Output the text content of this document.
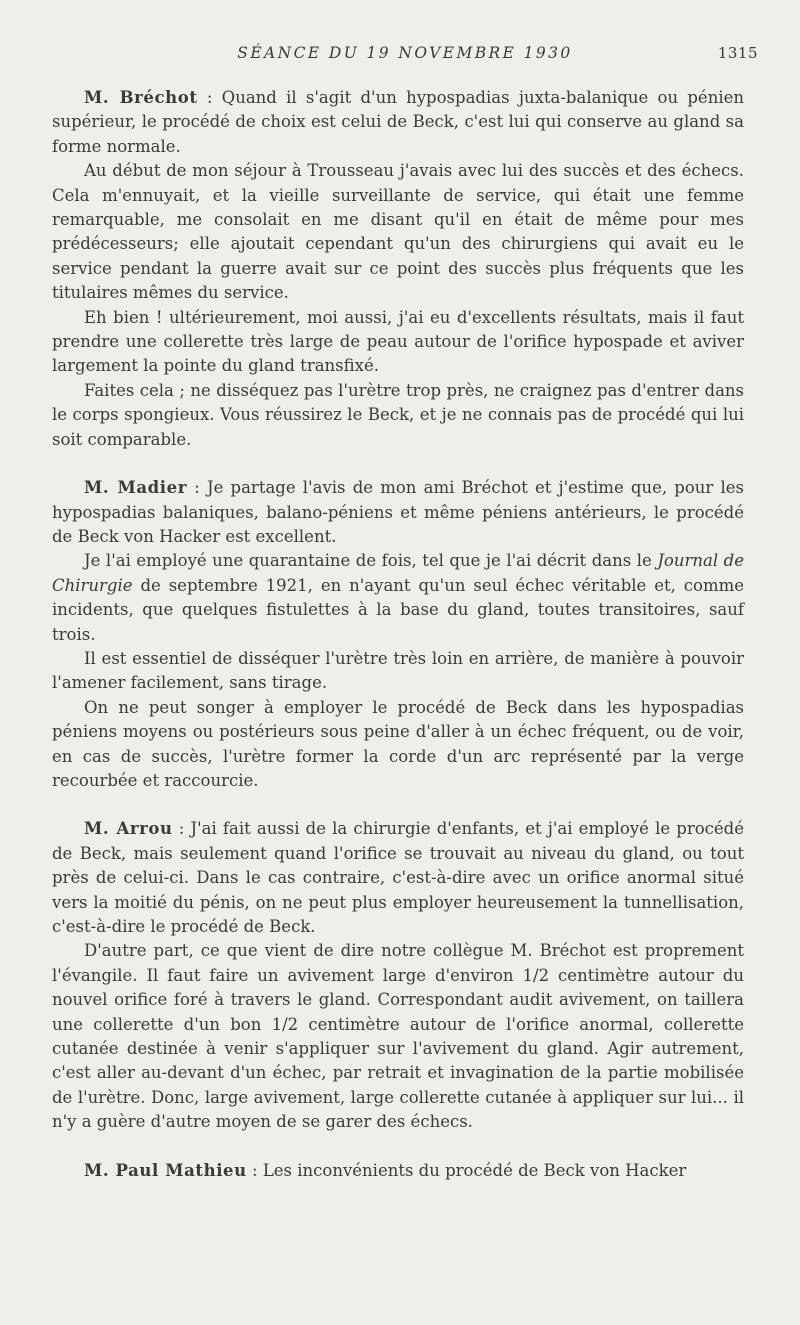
SÉANCE DU 19 NOVEMBRE 1930	1315

M. Bréchot : Quand il s'agit d'un hypospadias juxta-balanique ou pénien supérieur, le procédé de choix est celui de Beck, c'est lui qui conserve au gland sa forme normale.

Au début de mon séjour à Trousseau j'avais avec lui des succès et des échecs. Cela m'ennuyait, et la vieille surveillante de service, qui était une femme remarquable, me consolait en me disant qu'il en était de même pour mes prédécesseurs; elle ajoutait cependant qu'un des chirurgiens qui avait eu le service pendant la guerre avait sur ce point des succès plus fréquents que les titulaires mêmes du service.

Eh bien ! ultérieurement, moi aussi, j'ai eu d'excellents résultats, mais il faut prendre une collerette très large de peau autour de l'orifice hypospade et aviver largement la pointe du gland transfixé.

Faites cela ; ne disséquez pas l'urètre trop près, ne craignez pas d'entrer dans le corps spongieux. Vous réussirez le Beck, et je ne connais pas de procédé qui lui soit comparable.

M. Madier : Je partage l'avis de mon ami Bréchot et j'estime que, pour les hypospadias balaniques, balano-péniens et même péniens antérieurs, le procédé de Beck von Hacker est excellent.

Je l'ai employé une quarantaine de fois, tel que je l'ai décrit dans le Journal de Chirurgie de septembre 1921, en n'ayant qu'un seul échec véritable et, comme incidents, que quelques fistulettes à la base du gland, toutes transitoires, sauf trois.

Il est essentiel de disséquer l'urètre très loin en arrière, de manière à pouvoir l'amener facilement, sans tirage.

On ne peut songer à employer le procédé de Beck dans les hypospadias péniens moyens ou postérieurs sous peine d'aller à un échec fréquent, ou de voir, en cas de succès, l'urètre former la corde d'un arc représenté par la verge recourbée et raccourcie.

M. Arrou : J'ai fait aussi de la chirurgie d'enfants, et j'ai employé le procédé de Beck, mais seulement quand l'orifice se trouvait au niveau du gland, ou tout près de celui-ci. Dans le cas contraire, c'est-à-dire avec un orifice anormal situé vers la moitié du pénis, on ne peut plus employer heureusement la tunnellisation, c'est-à-dire le procédé de Beck.

D'autre part, ce que vient de dire notre collègue M. Bréchot est proprement l'évangile. Il faut faire un avivement large d'environ 1/2 centimètre autour du nouvel orifice foré à travers le gland. Correspondant audit avivement, on taillera une collerette d'un bon 1/2 centimètre autour de l'orifice anormal, collerette cutanée destinée à venir s'appliquer sur l'avivement du gland. Agir autrement, c'est aller au-devant d'un échec, par retrait et invagination de la partie mobilisée de l'urètre. Donc, large avivement, large collerette cutanée à appliquer sur lui... il n'y a guère d'autre moyen de se garer des échecs.

M. Paul Mathieu : Les inconvénients du procédé de Beck von Hacker
